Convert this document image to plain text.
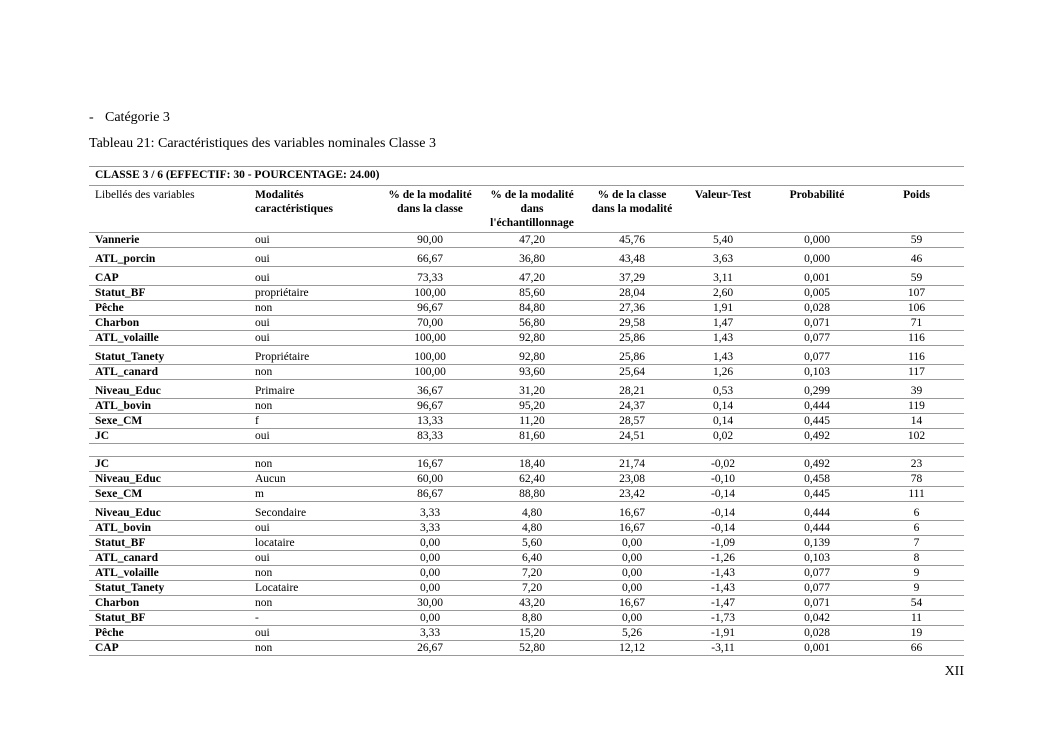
- Catégorie 3
Tableau 21: Caractéristiques des variables nominales Classe 3
CLASSE 3 / 6 (EFFECTIF: 30 - POURCENTAGE: 24.00)							
Libellés des variables	Modalités caractéristiques	% de la modalité dans la classe	% de la modalité dans l'échantillonnage	% de la classe dans la modalité	Valeur-Test	Probabilité	Poids
Vannerie	oui	90,00	47,20	45,76	5,40	0,000	59
ATL_porcin	oui	66,67	36,80	43,48	3,63	0,000	46
CAP	oui	73,33	47,20	37,29	3,11	0,001	59
Statut_BF	propriétaire	100,00	85,60	28,04	2,60	0,005	107
Pêche	non	96,67	84,80	27,36	1,91	0,028	106
Charbon	oui	70,00	56,80	29,58	1,47	0,071	71
ATL_volaille	oui	100,00	92,80	25,86	1,43	0,077	116
Statut_Tanety	Propriétaire	100,00	92,80	25,86	1,43	0,077	116
ATL_canard	non	100,00	93,60	25,64	1,26	0,103	117
Niveau_Educ	Primaire	36,67	31,20	28,21	0,53	0,299	39
ATL_bovin	non	96,67	95,20	24,37	0,14	0,444	119
Sexe_CM	f	13,33	11,20	28,57	0,14	0,445	14
JC	oui	83,33	81,60	24,51	0,02	0,492	102

JC	non	16,67	18,40	21,74	-0,02	0,492	23
Niveau_Educ	Aucun	60,00	62,40	23,08	-0,10	0,458	78
Sexe_CM	m	86,67	88,80	23,42	-0,14	0,445	111
Niveau_Educ	Secondaire	3,33	4,80	16,67	-0,14	0,444	6
ATL_bovin	oui	3,33	4,80	16,67	-0,14	0,444	6
Statut_BF	locataire	0,00	5,60	0,00	-1,09	0,139	7
ATL_canard	oui	0,00	6,40	0,00	-1,26	0,103	8
ATL_volaille	non	0,00	7,20	0,00	-1,43	0,077	9
Statut_Tanety	Locataire	0,00	7,20	0,00	-1,43	0,077	9
Charbon	non	30,00	43,20	16,67	-1,47	0,071	54
Statut_BF	-	0,00	8,80	0,00	-1,73	0,042	11
Pêche	oui	3,33	15,20	5,26	-1,91	0,028	19
CAP	non	26,67	52,80	12,12	-3,11	0,001	66
XII
